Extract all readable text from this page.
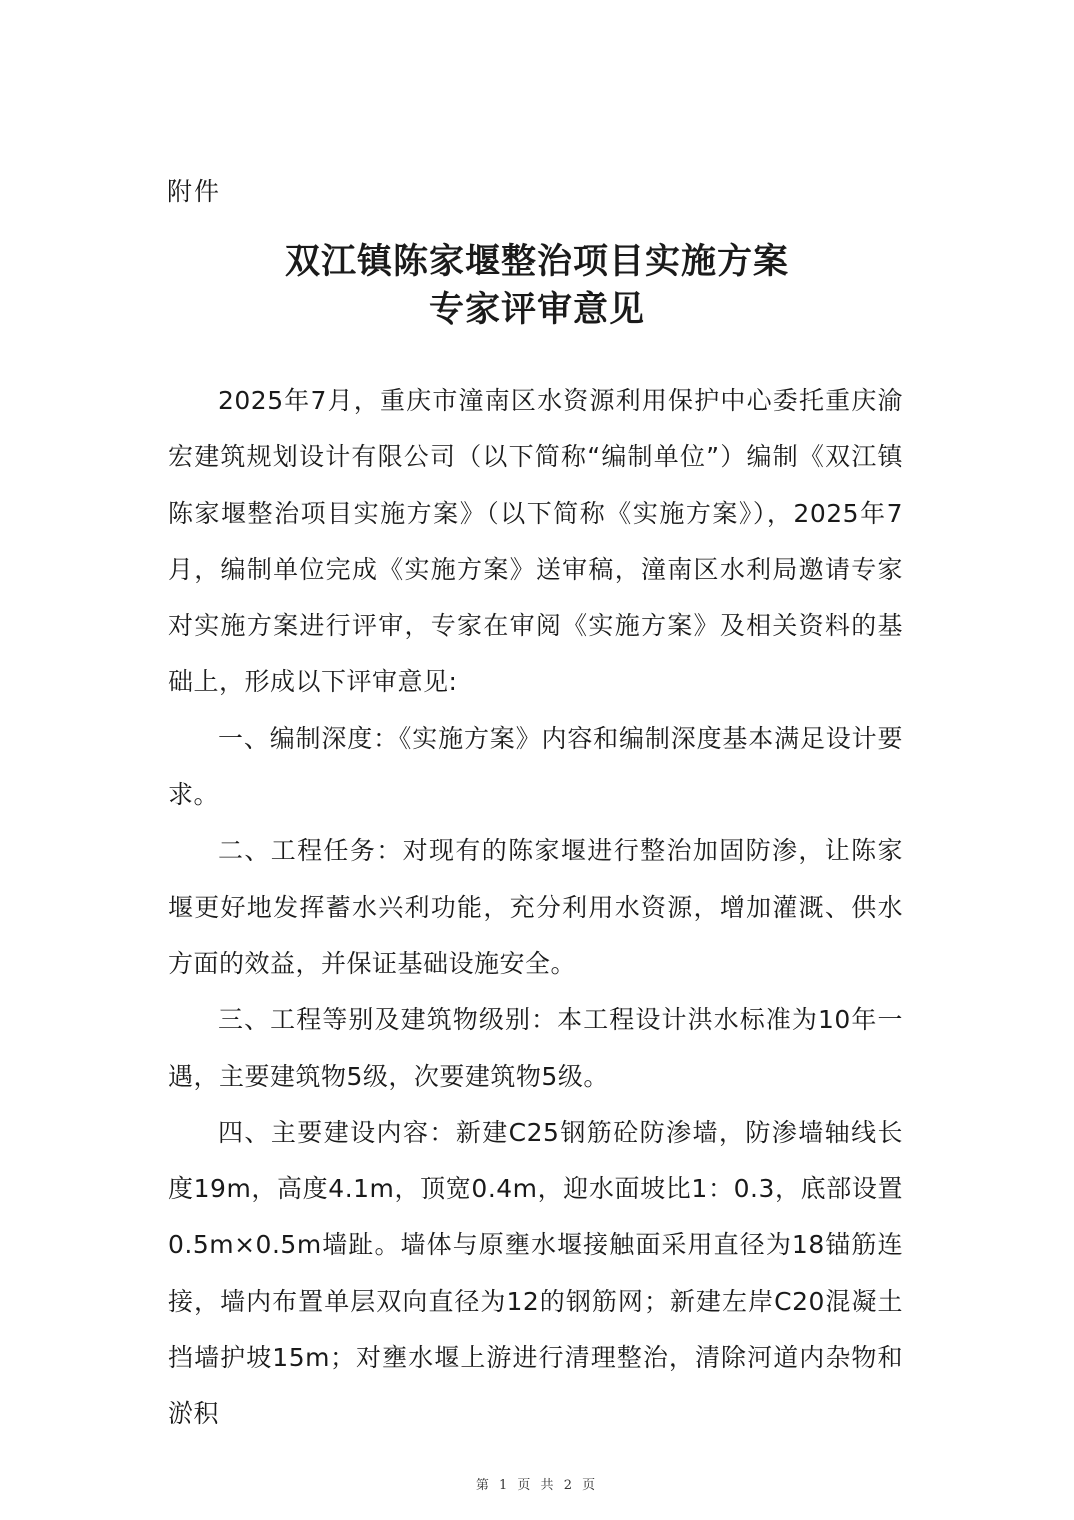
附件
双江镇陈家堰整治项目实施方案
专家评审意见

2025年7月，重庆市潼南区水资源利用保护中心委托重庆渝宏建筑规划设计有限公司（以下简称“编制单位”）编制《双江镇陈家堰整治项目实施方案》（以下简称《实施方案》），2025年7月，编制单位完成《实施方案》送审稿，潼南区水利局邀请专家对实施方案进行评审，专家在审阅《实施方案》及相关资料的基础上，形成以下评审意见:

一、编制深度：《实施方案》内容和编制深度基本满足设计要求。

二、工程任务：对现有的陈家堰进行整治加固防渗，让陈家堰更好地发挥蓄水兴利功能，充分利用水资源，增加灌溉、供水方面的效益，并保证基础设施安全。

三、工程等别及建筑物级别：本工程设计洪水标准为10年一遇，主要建筑物5级，次要建筑物5级。

四、主要建设内容：新建C25钢筋砼防渗墙，防渗墙轴线长度19m，高度4.1m，顶宽0.4m，迎水面坡比1：0.3，底部设置0.5m×0.5m墙趾。墙体与原壅水堰接触面采用直径为18锚筋连接，墙内布置单层双向直径为12的钢筋网；新建左岸C20混凝土挡墙护坡15m；对壅水堰上游进行清理整治，清除河道内杂物和淤积

第 1 页 共 2 页
